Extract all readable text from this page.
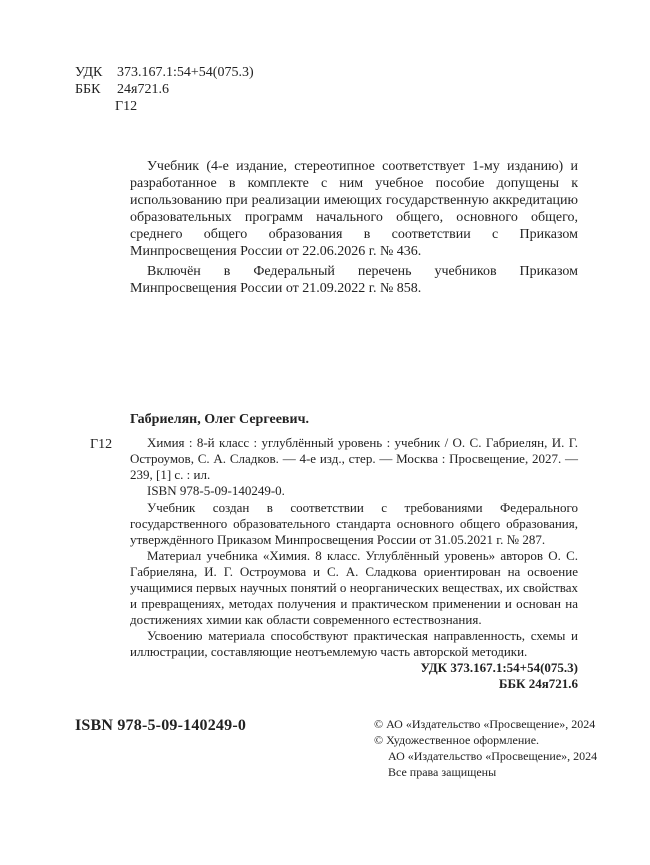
УДК 373.167.1:54+54(075.3)
ББК 24я721.6
Г12

Учебник (4-е издание, стереотипное соответствует 1-му изданию) и разработанное в комплекте с ним учебное пособие допущены к использованию при реализации имеющих государственную аккредитацию образовательных программ начального общего, основного общего, среднего общего образования в соответствии с Приказом Минпросвещения России от 22.06.2026 г. № 436.

Включён в Федеральный перечень учебников Приказом Минпросвещения России от 21.09.2022 г. № 858.

Г12
Габриелян, Олег Сергеевич.

Химия : 8-й класс : углублённый уровень : учебник / О. С. Габриелян, И. Г. Остроумов, С. А. Сладков. — 4-е изд., стер. — Москва : Просвещение, 2027. — 239, [1] с. : ил.

ISBN 978-5-09-140249-0.

Учебник создан в соответствии с требованиями Федерального государственного образовательного стандарта основного общего образования, утверждённого Приказом Минпросвещения России от 31.05.2021 г. № 287.

Материал учебника «Химия. 8 класс. Углублённый уровень» авторов О. С. Габриеляна, И. Г. Остроумова и С. А. Сладкова ориентирован на освоение учащимися первых научных понятий о неорганических веществах, их свойствах и превращениях, методах получения и практическом применении и основан на достижениях химии как области современного естествознания.

Усвоению материала способствуют практическая направленность, схемы и иллюстрации, составляющие неотъемлемую часть авторской методики.

УДК 373.167.1:54+54(075.3)
ББК 24я721.6
ISBN 978-5-09-140249-0	© АО «Издательство «Просвещение», 2024
© Художественное оформление.
АО «Издательство «Просвещение», 2024
Все права защищены
